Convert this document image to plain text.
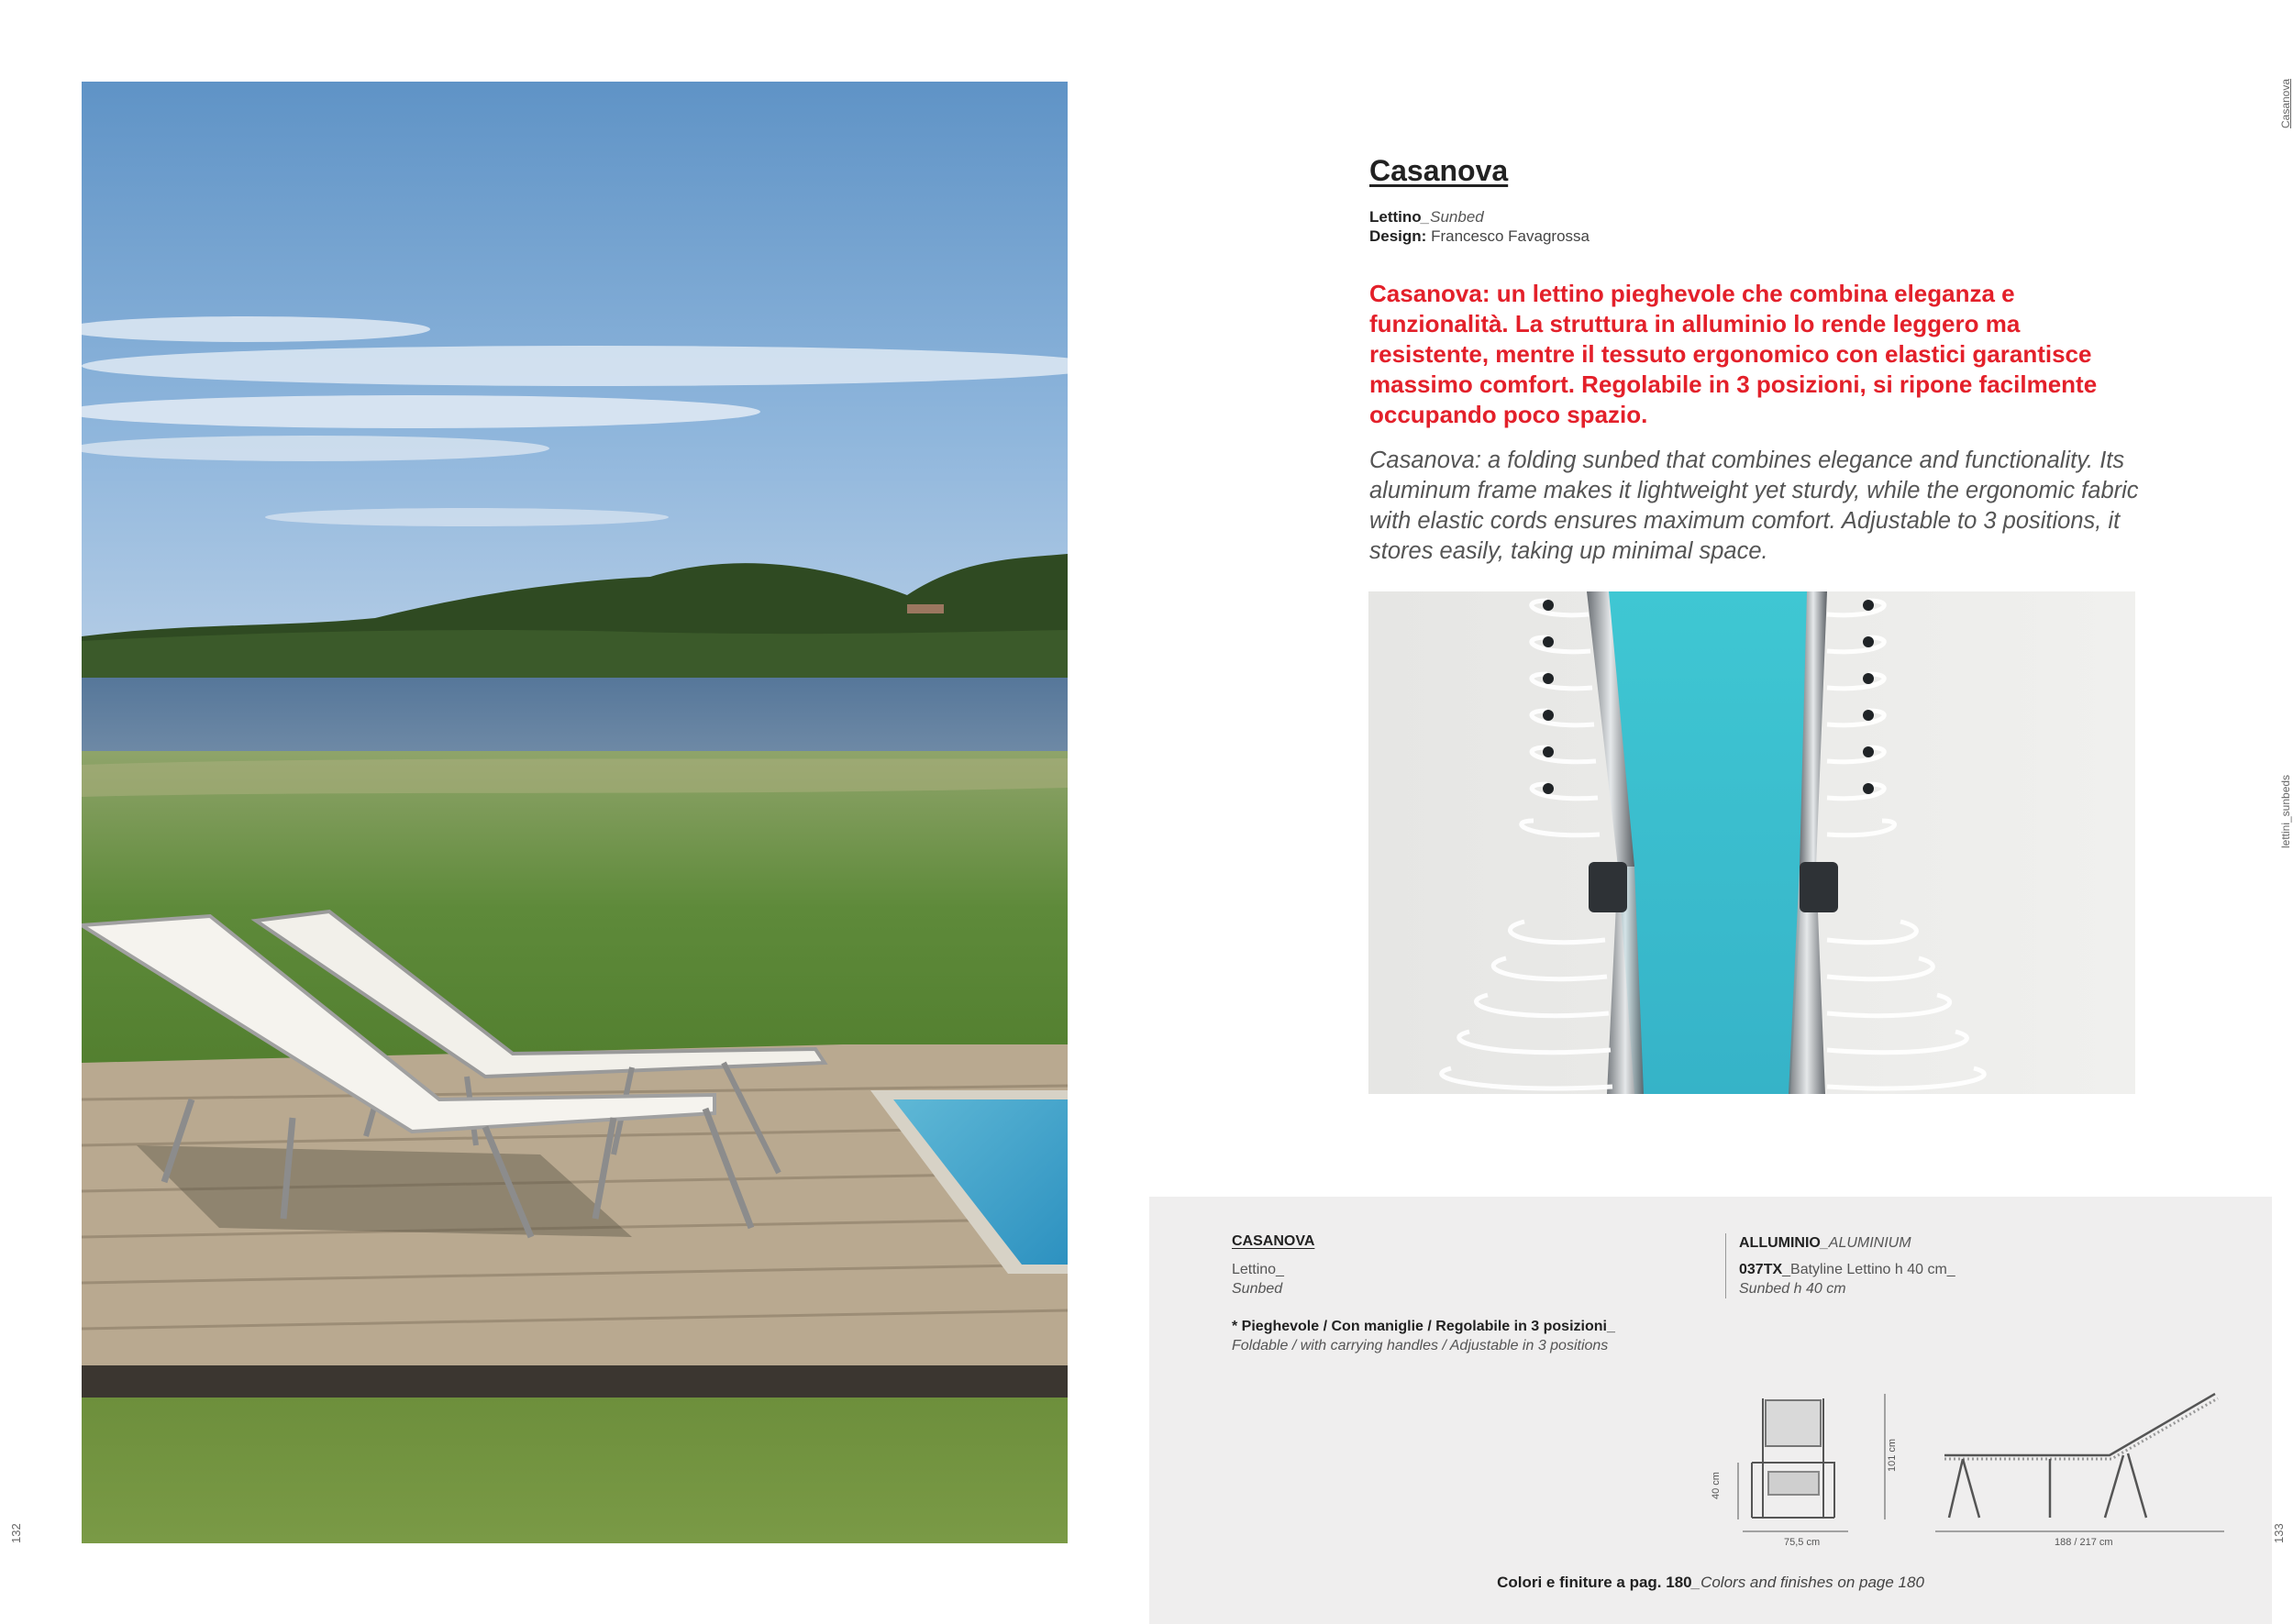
Casanova
Lettino_Sunbed
Design: Francesco Favagrossa

Casanova: un lettino pieghevole che combina eleganza e funzionalità. La struttura in alluminio lo rende leggero ma resistente, mentre il tessuto ergonomico con elastici garantisce massimo comfort. Regolabile in 3 posizioni, si ripone facilmente occupando poco spazio.

Casanova: a folding sunbed that combines elegance and functionality. Its aluminum frame makes it lightweight yet sturdy, while the ergonomic fabric with elastic cords ensures maximum comfort. Adjustable to 3 positions, it stores easily, taking up minimal space.

Casanova
lettini_sunbeds
132	133
CASANOVA
Lettino_
Sunbed
* Pieghevole / Con maniglie / Regolabile in 3 posizioni_
Foldable / with carrying handles / Adjustable in 3 positions
ALLUMINIO_ALUMINIUM
037TX_Batyline Lettino h 40 cm_
Sunbed h 40 cm
40 cm
101 cm
75,5 cm	188 / 217 cm
Colori e finiture a pag. 180_Colors and finishes on page 180
